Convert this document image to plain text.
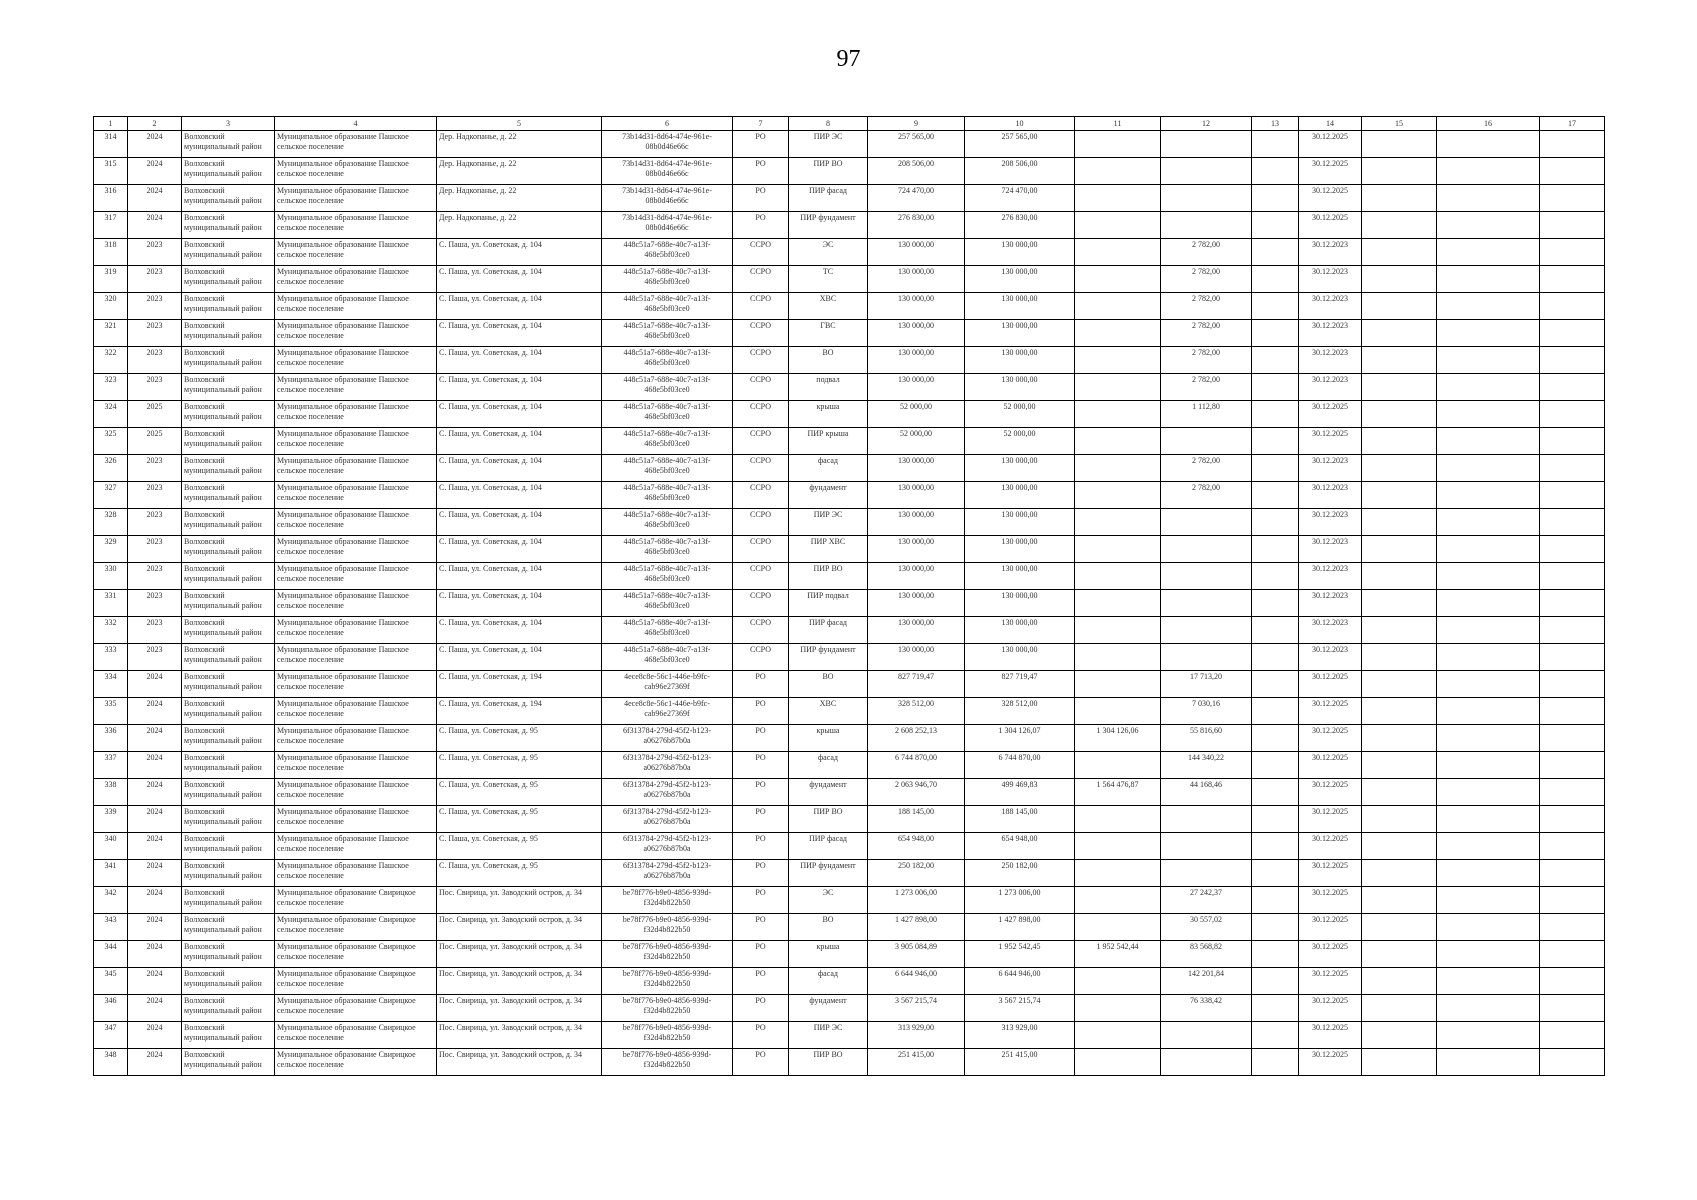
97
1	2	3	4	5	6	7	8	9	10	11	12	13	14	15	16	17
314	2024	Волховский муниципальный район	Муниципальное образование Пашское сельское поселение	Дер. Надкопанье, д. 22	73b14d31-8d64-474e-961e-08b0d46e66c	РО	ПИР ЭС	257 565,00	257 565,00				30.12.2025			
315	2024	Волховский муниципальный район	Муниципальное образование Пашское сельское поселение	Дер. Надкопанье, д. 22	73b14d31-8d64-474e-961e-08b0d46e66c	РО	ПИР ВО	208 506,00	208 506,00				30.12.2025			
316	2024	Волховский муниципальный район	Муниципальное образование Пашское сельское поселение	Дер. Надкопанье, д. 22	73b14d31-8d64-474e-961e-08b0d46e66c	РО	ПИР фасад	724 470,00	724 470,00				30.12.2025			
317	2024	Волховский муниципальный район	Муниципальное образование Пашское сельское поселение	Дер. Надкопанье, д. 22	73b14d31-8d64-474e-961e-08b0d46e66c	РО	ПИР фундамент	276 830,00	276 830,00				30.12.2025			
318	2023	Волховский муниципальный район	Муниципальное образование Пашское сельское поселение	С. Паша, ул. Советская, д. 104	448c51a7-688e-40c7-a13f-468e5bf03ce0	ССРО	ЭС	130 000,00	130 000,00		2 782,00		30.12.2023			
319	2023	Волховский муниципальный район	Муниципальное образование Пашское сельское поселение	С. Паша, ул. Советская, д. 104	448c51a7-688e-40c7-a13f-468e5bf03ce0	ССРО	ТС	130 000,00	130 000,00		2 782,00		30.12.2023			
320	2023	Волховский муниципальный район	Муниципальное образование Пашское сельское поселение	С. Паша, ул. Советская, д. 104	448c51a7-688e-40c7-a13f-468e5bf03ce0	ССРО	ХВС	130 000,00	130 000,00		2 782,00		30.12.2023			
321	2023	Волховский муниципальный район	Муниципальное образование Пашское сельское поселение	С. Паша, ул. Советская, д. 104	448c51a7-688e-40c7-a13f-468e5bf03ce0	ССРО	ГВС	130 000,00	130 000,00		2 782,00		30.12.2023			
322	2023	Волховский муниципальный район	Муниципальное образование Пашское сельское поселение	С. Паша, ул. Советская, д. 104	448c51a7-688e-40c7-a13f-468e5bf03ce0	ССРО	ВО	130 000,00	130 000,00		2 782,00		30.12.2023			
323	2023	Волховский муниципальный район	Муниципальное образование Пашское сельское поселение	С. Паша, ул. Советская, д. 104	448c51a7-688e-40c7-a13f-468e5bf03ce0	ССРО	подвал	130 000,00	130 000,00		2 782,00		30.12.2023			
324	2025	Волховский муниципальный район	Муниципальное образование Пашское сельское поселение	С. Паша, ул. Советская, д. 104	448c51a7-688e-40c7-a13f-468e5bf03ce0	ССРО	крыша	52 000,00	52 000,00		1 112,80		30.12.2025			
325	2025	Волховский муниципальный район	Муниципальное образование Пашское сельское поселение	С. Паша, ул. Советская, д. 104	448c51a7-688e-40c7-a13f-468e5bf03ce0	ССРО	ПИР крыша	52 000,00	52 000,00				30.12.2025			
326	2023	Волховский муниципальный район	Муниципальное образование Пашское сельское поселение	С. Паша, ул. Советская, д. 104	448c51a7-688e-40c7-a13f-468e5bf03ce0	ССРО	фасад	130 000,00	130 000,00		2 782,00		30.12.2023			
327	2023	Волховский муниципальный район	Муниципальное образование Пашское сельское поселение	С. Паша, ул. Советская, д. 104	448c51a7-688e-40c7-a13f-468e5bf03ce0	ССРО	фундамент	130 000,00	130 000,00		2 782,00		30.12.2023			
328	2023	Волховский муниципальный район	Муниципальное образование Пашское сельское поселение	С. Паша, ул. Советская, д. 104	448c51a7-688e-40c7-a13f-468e5bf03ce0	ССРО	ПИР ЭС	130 000,00	130 000,00				30.12.2023			
329	2023	Волховский муниципальный район	Муниципальное образование Пашское сельское поселение	С. Паша, ул. Советская, д. 104	448c51a7-688e-40c7-a13f-468e5bf03ce0	ССРО	ПИР ХВС	130 000,00	130 000,00				30.12.2023			
330	2023	Волховский муниципальный район	Муниципальное образование Пашское сельское поселение	С. Паша, ул. Советская, д. 104	448c51a7-688e-40c7-a13f-468e5bf03ce0	ССРО	ПИР ВО	130 000,00	130 000,00				30.12.2023			
331	2023	Волховский муниципальный район	Муниципальное образование Пашское сельское поселение	С. Паша, ул. Советская, д. 104	448c51a7-688e-40c7-a13f-468e5bf03ce0	ССРО	ПИР подвал	130 000,00	130 000,00				30.12.2023			
332	2023	Волховский муниципальный район	Муниципальное образование Пашское сельское поселение	С. Паша, ул. Советская, д. 104	448c51a7-688e-40c7-a13f-468e5bf03ce0	ССРО	ПИР фасад	130 000,00	130 000,00				30.12.2023			
333	2023	Волховский муниципальный район	Муниципальное образование Пашское сельское поселение	С. Паша, ул. Советская, д. 104	448c51a7-688e-40c7-a13f-468e5bf03ce0	ССРО	ПИР фундамент	130 000,00	130 000,00				30.12.2023			
334	2024	Волховский муниципальный район	Муниципальное образование Пашское сельское поселение	С. Паша, ул. Советская, д. 194	4ece8c8e-56c1-446e-b9fc-cab96e27369f	РО	ВО	827 719,47	827 719,47		17 713,20		30.12.2025			
335	2024	Волховский муниципальный район	Муниципальное образование Пашское сельское поселение	С. Паша, ул. Советская, д. 194	4ece8c8e-56c1-446e-b9fc-cab96e27369f	РО	ХВС	328 512,00	328 512,00		7 030,16		30.12.2025			
336	2024	Волховский муниципальный район	Муниципальное образование Пашское сельское поселение	С. Паша, ул. Советская, д. 95	6f313784-279d-45f2-b123-a06276b87b0a	РО	крыша	2 608 252,13	1 304 126,07	1 304 126,06	55 816,60		30.12.2025			
337	2024	Волховский муниципальный район	Муниципальное образование Пашское сельское поселение	С. Паша, ул. Советская, д. 95	6f313784-279d-45f2-b123-a06276b87b0a	РО	фасад	6 744 870,00	6 744 870,00		144 340,22		30.12.2025			
338	2024	Волховский муниципальный район	Муниципальное образование Пашское сельское поселение	С. Паша, ул. Советская, д. 95	6f313784-279d-45f2-b123-a06276b87b0a	РО	фундамент	2 063 946,70	499 469,83	1 564 476,87	44 168,46		30.12.2025			
339	2024	Волховский муниципальный район	Муниципальное образование Пашское сельское поселение	С. Паша, ул. Советская, д. 95	6f313784-279d-45f2-b123-a06276b87b0a	РО	ПИР ВО	188 145,00	188 145,00				30.12.2025			
340	2024	Волховский муниципальный район	Муниципальное образование Пашское сельское поселение	С. Паша, ул. Советская, д. 95	6f313784-279d-45f2-b123-a06276b87b0a	РО	ПИР фасад	654 948,00	654 948,00				30.12.2025			
341	2024	Волховский муниципальный район	Муниципальное образование Пашское сельское поселение	С. Паша, ул. Советская, д. 95	6f313784-279d-45f2-b123-a06276b87b0a	РО	ПИР фундамент	250 182,00	250 182,00				30.12.2025			
342	2024	Волховский муниципальный район	Муниципальное образование Свирицкое сельское поселение	Пос. Свирица, ул. Заводский остров, д. 34	be78f776-b9e0-4856-939d-f32d4b822b50	РО	ЭС	1 273 006,00	1 273 006,00		27 242,37		30.12.2025			
343	2024	Волховский муниципальный район	Муниципальное образование Свирицкое сельское поселение	Пос. Свирица, ул. Заводский остров, д. 34	be78f776-b9e0-4856-939d-f32d4b822b50	РО	ВО	1 427 898,00	1 427 898,00		30 557,02		30.12.2025			
344	2024	Волховский муниципальный район	Муниципальное образование Свирицкое сельское поселение	Пос. Свирица, ул. Заводский остров, д. 34	be78f776-b9e0-4856-939d-f32d4b822b50	РО	крыша	3 905 084,89	1 952 542,45	1 952 542,44	83 568,82		30.12.2025			
345	2024	Волховский муниципальный район	Муниципальное образование Свирицкое сельское поселение	Пос. Свирица, ул. Заводский остров, д. 34	be78f776-b9e0-4856-939d-f32d4b822b50	РО	фасад	6 644 946,00	6 644 946,00		142 201,84		30.12.2025			
346	2024	Волховский муниципальный район	Муниципальное образование Свирицкое сельское поселение	Пос. Свирица, ул. Заводский остров, д. 34	be78f776-b9e0-4856-939d-f32d4b822b50	РО	фундамент	3 567 215,74	3 567 215,74		76 338,42		30.12.2025			
347	2024	Волховский муниципальный район	Муниципальное образование Свирицкое сельское поселение	Пос. Свирица, ул. Заводский остров, д. 34	be78f776-b9e0-4856-939d-f32d4b822b50	РО	ПИР ЭС	313 929,00	313 929,00				30.12.2025			
348	2024	Волховский муниципальный район	Муниципальное образование Свирицкое сельское поселение	Пос. Свирица, ул. Заводский остров, д. 34	be78f776-b9e0-4856-939d-f32d4b822b50	РО	ПИР ВО	251 415,00	251 415,00				30.12.2025			
